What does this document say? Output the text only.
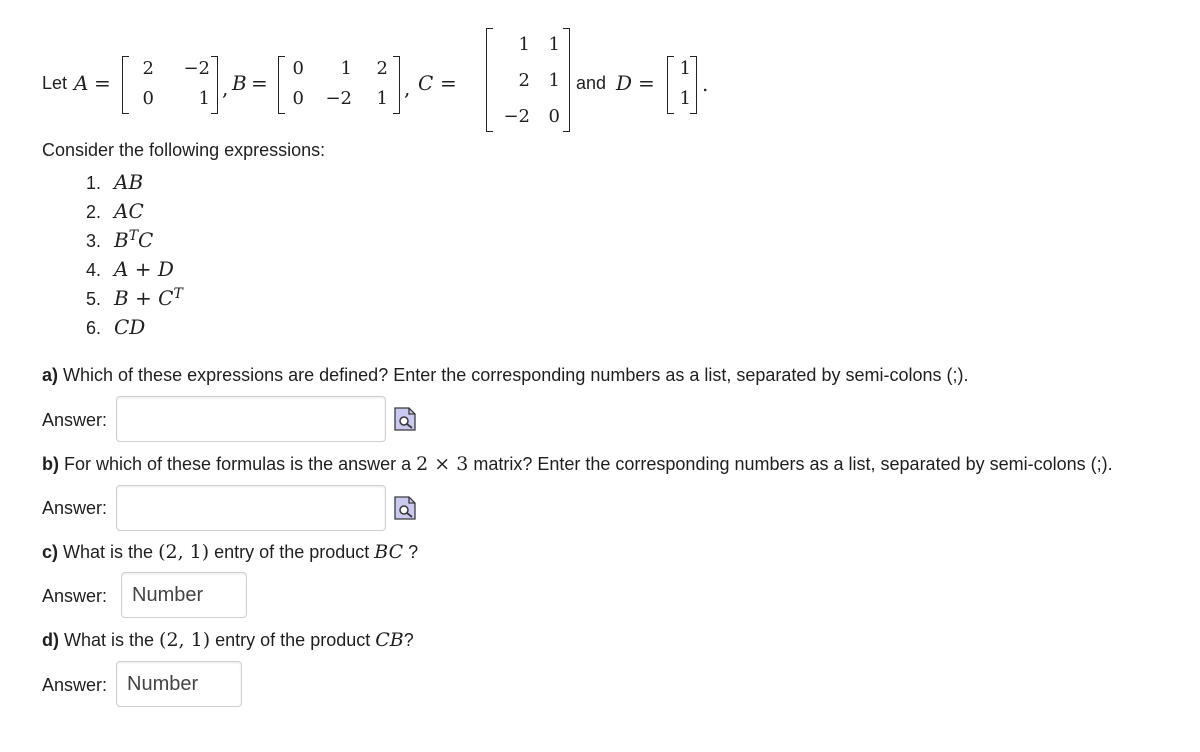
Let A =
2	−2
0	1 , B =
0	1	2
0	−2	1 , C =
1	1
2	1
−2	0
and D =
1
1
.
Consider the following expressions:
1. AB
2. AC
3. $B^TC$
4. A + D
5. $B + C^T$
6. CD
a) Which of these expressions are defined? Enter the corresponding numbers as a list, separated by semi-colons (;).
Answer:
b) For which of these formulas is the answer a 2 × 3 matrix? Enter the corresponding numbers as a list, separated by semi-colons (;).
Answer:
c) What is the (2, 1) entry of the product BC ?
Answer:
Number
d) What is the (2, 1) entry of the product CB?
Answer:
Number
